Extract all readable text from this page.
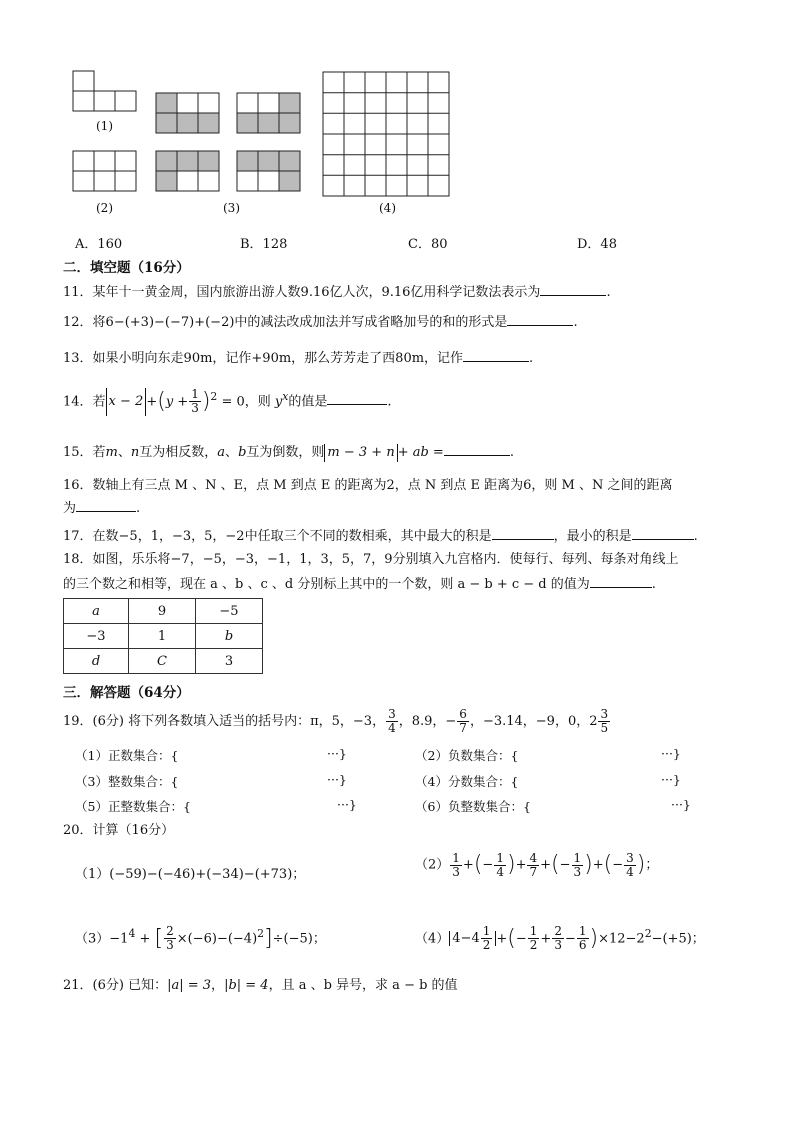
(1)
(2)	(3)	(4)
A．160	B．128	C．80	D．48
二．填空题（16分）
11．某年十一黄金周，国内旅游出游人数9.16亿人次，9.16亿用科学记数法表示为	.
12．将6−(+3)−(−7)+(−2)中的减法改成加法并写成省略加号的和的形式是	.
13．如果小明向东走90m，记作+90m，那么芳芳走了西80m，记作	.
14．若 $x - 2 +(y + \frac{1}{3} )^2 = 0$，则 $y^x$的值是	.
15．若m、n互为相反数，a、b互为倒数，则 m − 3 + n + ab =	.
16．数轴上有三点 M 、N 、E，点 M 到点 E 的距离为2，点 N 到点 E 距离为6，则 M 、N 之间的距离
为	.
17．在数−5，1，−3，5，−2中任取三个不同的数相乘，其中最大的积是	，最小的积是	.
18．如图，乐乐将−7，−5，−3，−1，1，3，5，7，9分别填入九宫格内．使每行、每列、每条对角线上
的三个数之和相等，现在 a 、b 、c 、d 分别标上其中的一个数，则 a − b + c − d 的值为	.
a	9	−5
−3	1	b
d	C	3
三．解答题（64分）
19．(6分) 将下列各数填入适当的括号内：π，5，−3， $\frac{3}{4}$ ，8.9，− $\frac{6}{7}$ ，−3.14，−9，0，$2 \frac{3}{5}$
（1）正数集合：{	···}	（2）负数集合：{	···}
（3）整数集合：{	···}	（4）分数集合：{	···}
（5）正整数集合：{	···}	（6）负整数集合：{	···}
20．计算（16分）
（1）(−59)−(−46)+(−34)−(+73)；
$(2) \frac{1}{3}$ +(− $\frac{1}{4}$ )+ $\frac{4}{7}$ +(− $\frac{1}{3}$ )+(− $\frac{3}{4}$ )；
$(3)-1^4$ + [ $\frac{2}{3} \times(-6)-(-4)^2]\div(-5)$；	（4） $4-4 \frac{1}{2}$ +(− $\frac{1}{2} + \frac{2}{3} - \frac{1}{6} )\times 12-2^2-(+5)$；
21．(6分) 已知：|a| = 3，|b| = 4，且 a 、b 异号，求 a − b 的值
